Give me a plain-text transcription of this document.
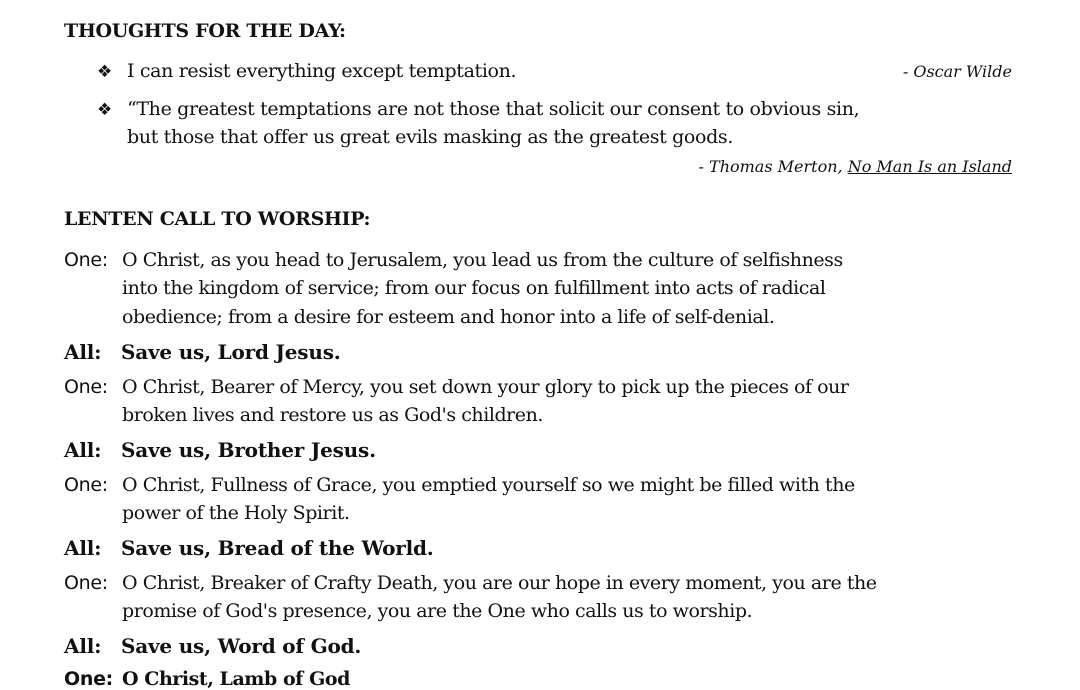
THOUGHTS FOR THE DAY:
❖ I can resist everything except temptation.	- Oscar Wilde
❖ “The greatest temptations are not those that solicit our consent to obvious sin,
but those that offer us great evils masking as the greatest goods.
- Thomas Merton, No Man Is an Island
LENTEN CALL TO WORSHIP:
One: O Christ, as you head to Jerusalem, you lead us from the culture of selfishness
into the kingdom of service; from our focus on fulfillment into acts of radical
obedience; from a desire for esteem and honor into a life of self-denial.
All: Save us, Lord Jesus.
One: O Christ, Bearer of Mercy, you set down your glory to pick up the pieces of our
broken lives and restore us as God's children.
All: Save us, Brother Jesus.
One: O Christ, Fullness of Grace, you emptied yourself so we might be filled with the
power of the Holy Spirit.
All: Save us, Bread of the World.
One: O Christ, Breaker of Crafty Death, you are our hope in every moment, you are the
promise of God's presence, you are the One who calls us to worship.
All: Save us, Word of God.
One: O Christ, Lamb of God
